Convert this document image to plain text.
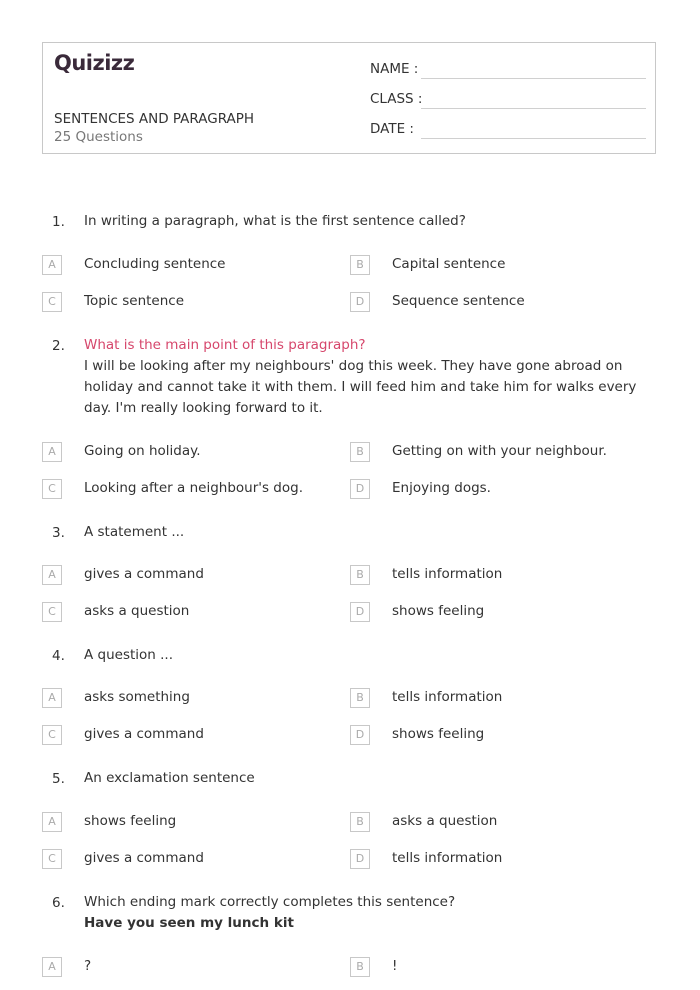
Quizizz
SENTENCES AND PARAGRAPH
25 Questions
NAME :
CLASS :
DATE :
1. In writing a paragraph, what is the first sentence called?
A	Concluding sentence	B	Capital sentence
C	Topic sentence	D	Sequence sentence
2. What is the main point of this paragraph?
I will be looking after my neighbours' dog this week. They have gone abroad on holiday and cannot take it with them. I will feed him and take him for walks every day. I'm really looking forward to it.
A	Going on holiday.	B	Getting on with your neighbour.
C	Looking after a neighbour's dog.	D	Enjoying dogs.
3. A statement ...
A	gives a command	B	tells information
C	asks a question	D	shows feeling
4. A question ...
A	asks something	B	tells information
C	gives a command	D	shows feeling
5. An exclamation sentence
A	shows feeling	B	asks a question
C	gives a command	D	tells information
6. Which ending mark correctly completes this sentence?
Have you seen my lunch kit
A	?	B	!
